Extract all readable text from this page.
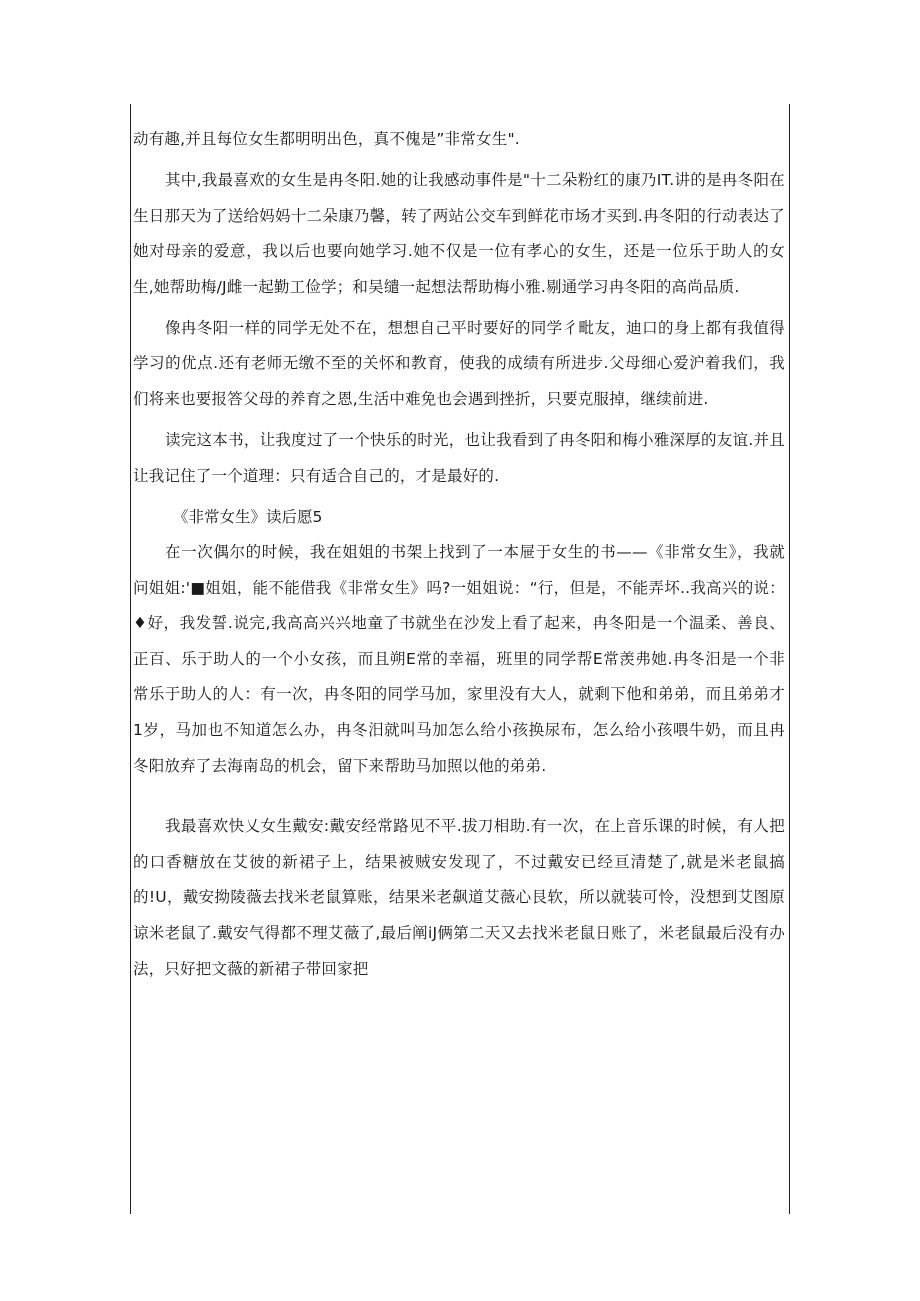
动有趣,并且每位女生都明明出色，真不傀是”非常女生".

其中,我最喜欢的女生是冉冬阳.她的让我感动事件是"十二朵粉红的康乃IT.讲的是冉冬阳在生日那天为了送给妈妈十二朵康乃馨，转了两站公交车到鲜花市场才买到.冉冬阳的行动表达了她对母亲的爱意，我以后也要向她学习.她不仅是一位有孝心的女生，还是一位乐于助人的女生,她帮助梅/J雌一起勤工俭学；和吴缱一起想法帮助梅小雅.剔通学习冉冬阳的高尚品质.

像冉冬阳一样的同学无处不在，想想自己平时要好的同学彳毗友，迪口的身上都有我值得学习的优点.还有老师无缴不至的关怀和教育，使我的成绩有所进步.父母细心爱沪着我们，我们将来也要报答父母的养育之恩,生活中难免也会遇到挫折，只要克服掉，继续前进.

读完这本书，让我度过了一个快乐的时光，也让我看到了冉冬阳和梅小雅深厚的友谊.并且让我记住了一个道理：只有适合自己的，才是最好的.

《非常女生》读后愿5

在一次偶尔的时候，我在姐姐的书架上找到了一本屉于女生的书——《非常女生》，我就问姐姐:'■姐姐，能不能借我《非常女生》吗?一姐姐说：“行，但是，不能弄坏..我高兴的说：♦好，我发誓.说完,我高高兴兴地童了书就坐在沙发上看了起来，冉冬阳是一个温柔、善良、正百、乐于助人的一个小女孩，而且朔E常的幸福，班里的同学帮E常羡弗她.冉冬汨是一个非常乐于助人的人：有一次，冉冬阳的同学马加，家里没有大人，就剩下他和弟弟，而且弟弟才1岁，马加也不知道怎么办，冉冬汨就叫马加怎么给小孩换尿布，怎么给小孩喂牛奶，而且冉冬阳放弃了去海南岛的机会，留下来帮助马加照以他的弟弟.

我最喜欢快乂女生戴安:戴安经常路见不平.拔刀相助.有一次，在上音乐课的时候，有人把的口香糖放在艾彼的新裙子上，结果被贼安发现了，不过戴安已经亘清楚了,就是米老鼠搞的!U，戴安拗陵薇去找米老鼠算账，结果米老飙道艾薇心艮软，所以就装可怜，没想到艾图原谅米老鼠了.戴安气得都不理艾薇了,最后阐iJ俩第二天又去找米老鼠日账了，米老鼠最后没有办法，只好把文薇的新裙子带回家把
